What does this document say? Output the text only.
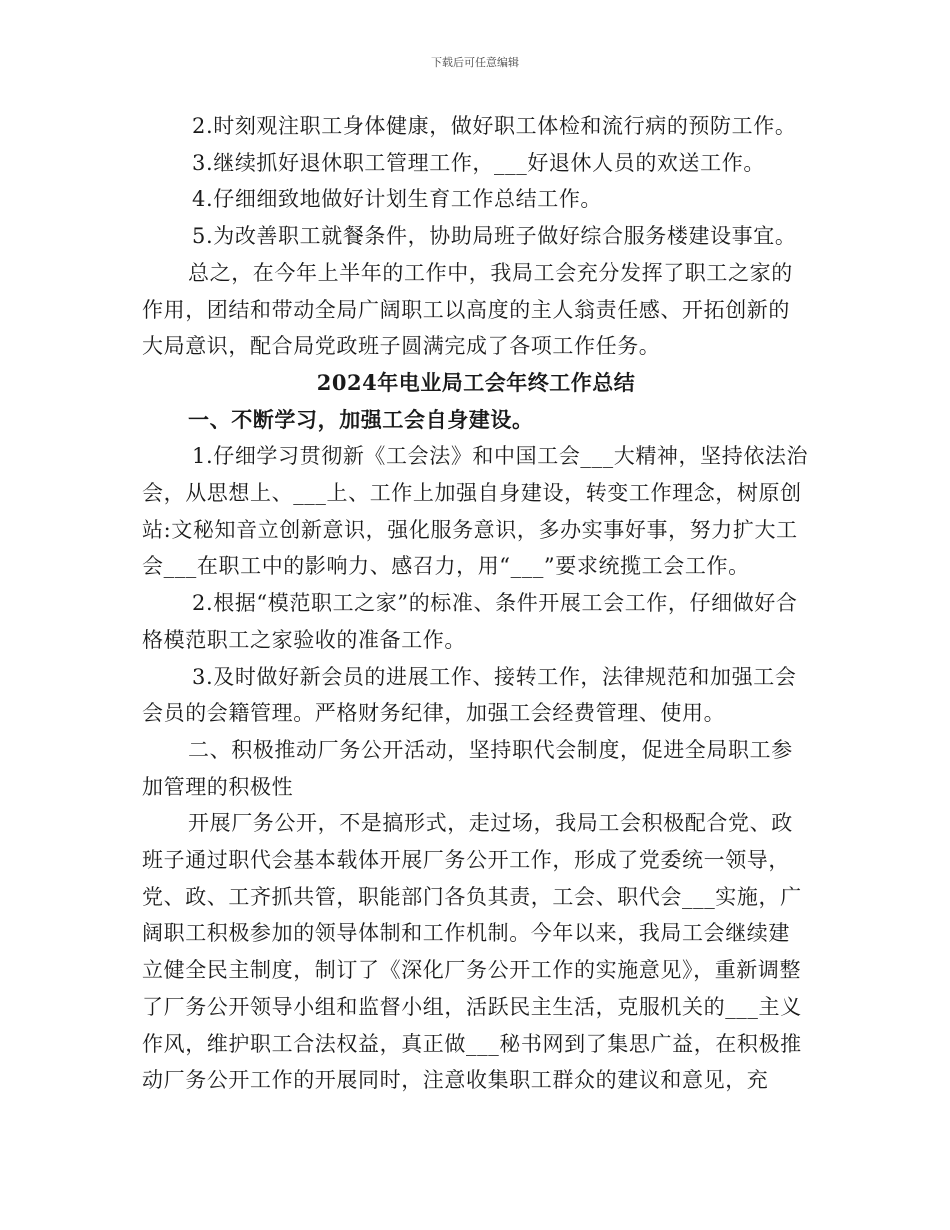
下载后可任意编辑

2.时刻观注职工身体健康，做好职工体检和流行病的预防工作。

3.继续抓好退休职工管理工作，___好退休人员的欢送工作。

4.仔细细致地做好计划生育工作总结工作。

5.为改善职工就餐条件，协助局班子做好综合服务楼建设事宜。

总之，在今年上半年的工作中，我局工会充分发挥了职工之家的作用，团结和带动全局广阔职工以高度的主人翁责任感、开拓创新的大局意识，配合局党政班子圆满完成了各项工作任务。

2024年电业局工会年终工作总结

一、不断学习，加强工会自身建设。

1.仔细学习贯彻新《工会法》和中国工会___大精神，坚持依法治会，从思想上、___上、工作上加强自身建设，转变工作理念，树原创站:文秘知音立创新意识，强化服务意识，多办实事好事，努力扩大工会___在职工中的影响力、感召力，用“___”要求统揽工会工作。

2.根据“模范职工之家”的标准、条件开展工会工作，仔细做好合格模范职工之家验收的准备工作。

3.及时做好新会员的进展工作、接转工作，法律规范和加强工会会员的会籍管理。严格财务纪律，加强工会经费管理、使用。

二、积极推动厂务公开活动，坚持职代会制度，促进全局职工参加管理的积极性

开展厂务公开，不是搞形式，走过场，我局工会积极配合党、政班子通过职代会基本载体开展厂务公开工作，形成了党委统一领导，党、政、工齐抓共管，职能部门各负其责，工会、职代会___实施，广阔职工积极参加的领导体制和工作机制。今年以来，我局工会继续建立健全民主制度，制订了《深化厂务公开工作的实施意见》，重新调整了厂务公开领导小组和监督小组，活跃民主生活，克服机关的___主义作风，维护职工合法权益，真正做___秘书网到了集思广益，在积极推动厂务公开工作的开展同时，注意收集职工群众的建议和意见，充
